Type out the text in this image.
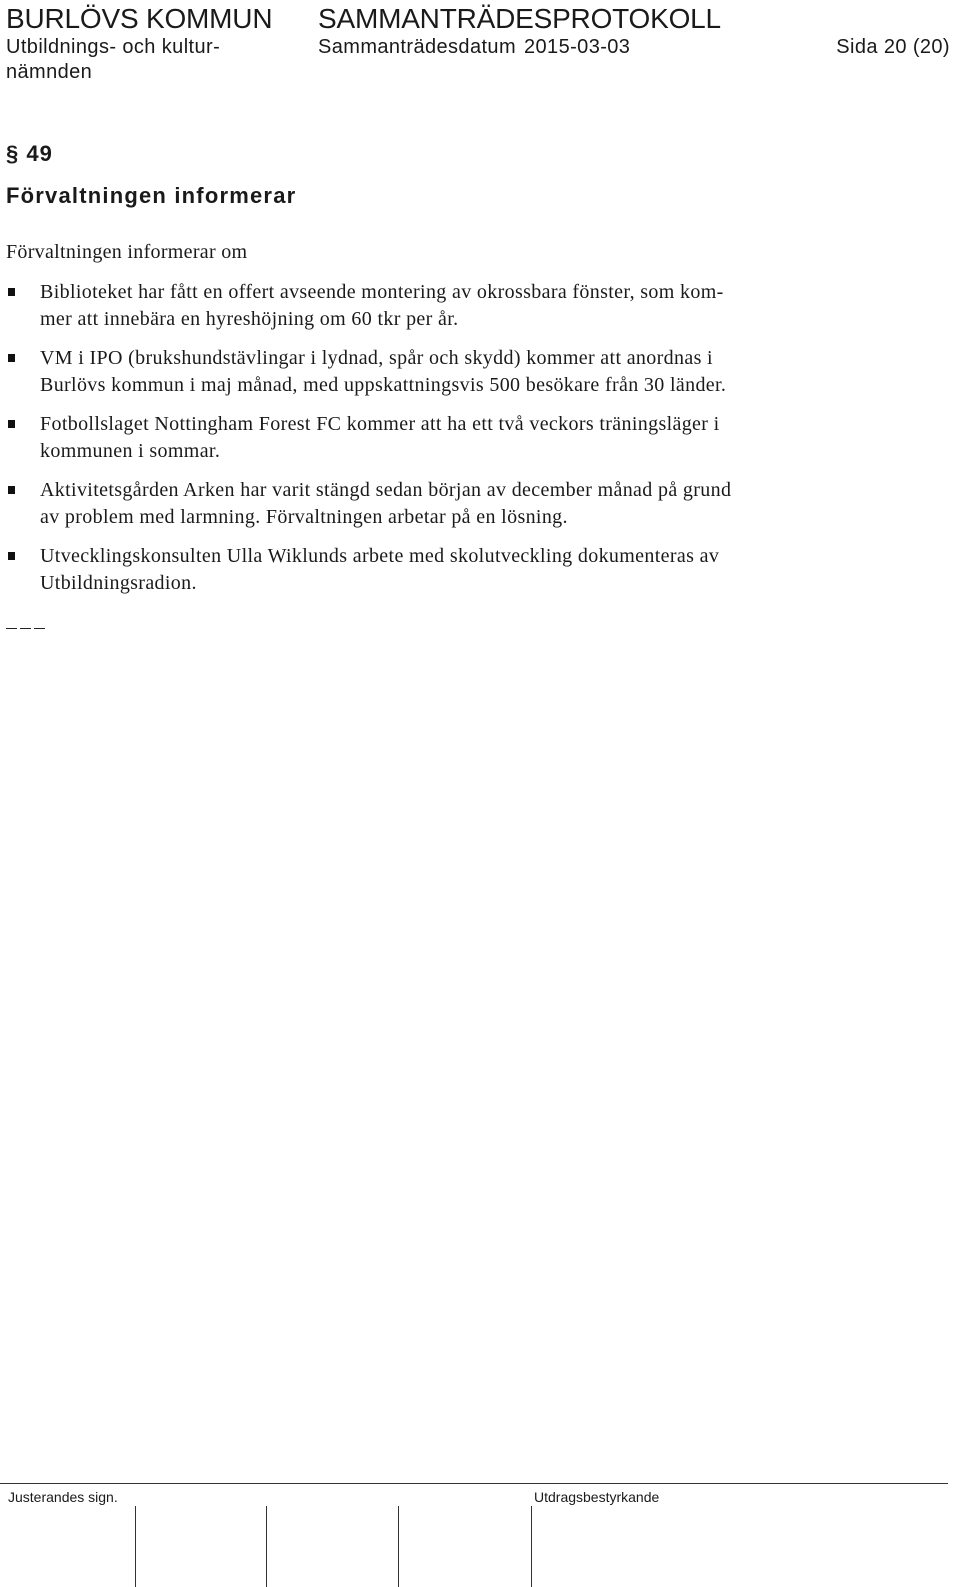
BURLÖVS KOMMUN SAMMANTRÄDESPROTOKOLL
Utbildnings- och kultur-
nämnden
Sammanträdesdatum 2015-03-03	Sida 20 (20)
§ 49
Förvaltningen informerar
Förvaltningen informerar om
Biblioteket har fått en offert avseende montering av okrossbara fönster, som kom-
mer att innebära en hyreshöjning om 60 tkr per år.
VM i IPO (brukshundstävlingar i lydnad, spår och skydd) kommer att anordnas i
Burlövs kommun i maj månad, med uppskattningsvis 500 besökare från 30 länder.
Fotbollslaget Nottingham Forest FC kommer att ha ett två veckors träningsläger i
kommunen i sommar.
Aktivitetsgården Arken har varit stängd sedan början av december månad på grund
av problem med larmning. Förvaltningen arbetar på en lösning.
Utvecklingskonsulten Ulla Wiklunds arbete med skolutveckling dokumenteras av
Utbildningsradion.
Justerandes sign.	Utdragsbestyrkande
